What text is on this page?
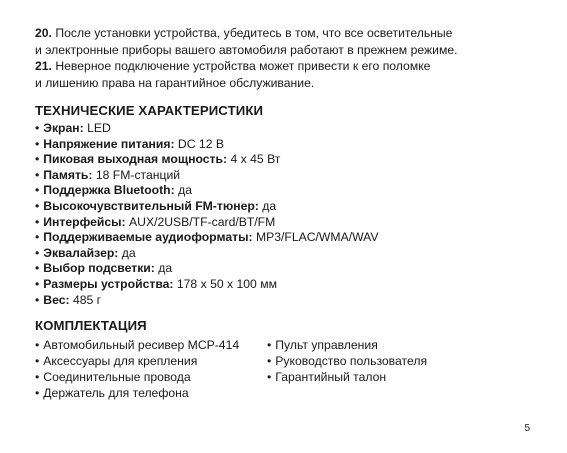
20. После установки устройства, убедитесь в том, что все осветительные

и электронные приборы вашего автомобиля работают в прежнем режиме.

21. Неверное подключение устройства может привести к его поломке

и лишению права на гарантийное обслуживание.

ТЕХНИЧЕСКИЕ ХАРАКТЕРИСТИКИ
• Экран: LED
• Напряжение питания: DC 12 В
• Пиковая выходная мощность: 4 х 45 Вт
• Память: 18 FM-станций
• Поддержка Bluetooth: да
• Высокочувствительный FM-тюнер: да
• Интерфейсы: AUX/2USB/TF-card/BT/FM
• Поддерживаемые аудиоформаты: MP3/FLAC/WMA/WAV
• Эквалайзер: да
• Выбор подсветки: да
• Размеры устройства: 178 х 50 х 100 мм
• Вес: 485 г
КОМПЛЕКТАЦИЯ
• Автомобильный ресивер MCP-414
• Аксессуары для крепления
• Соединительные провода
• Держатель для телефона
• Пульт управления
• Руководство пользователя
• Гарантийный талон
5
